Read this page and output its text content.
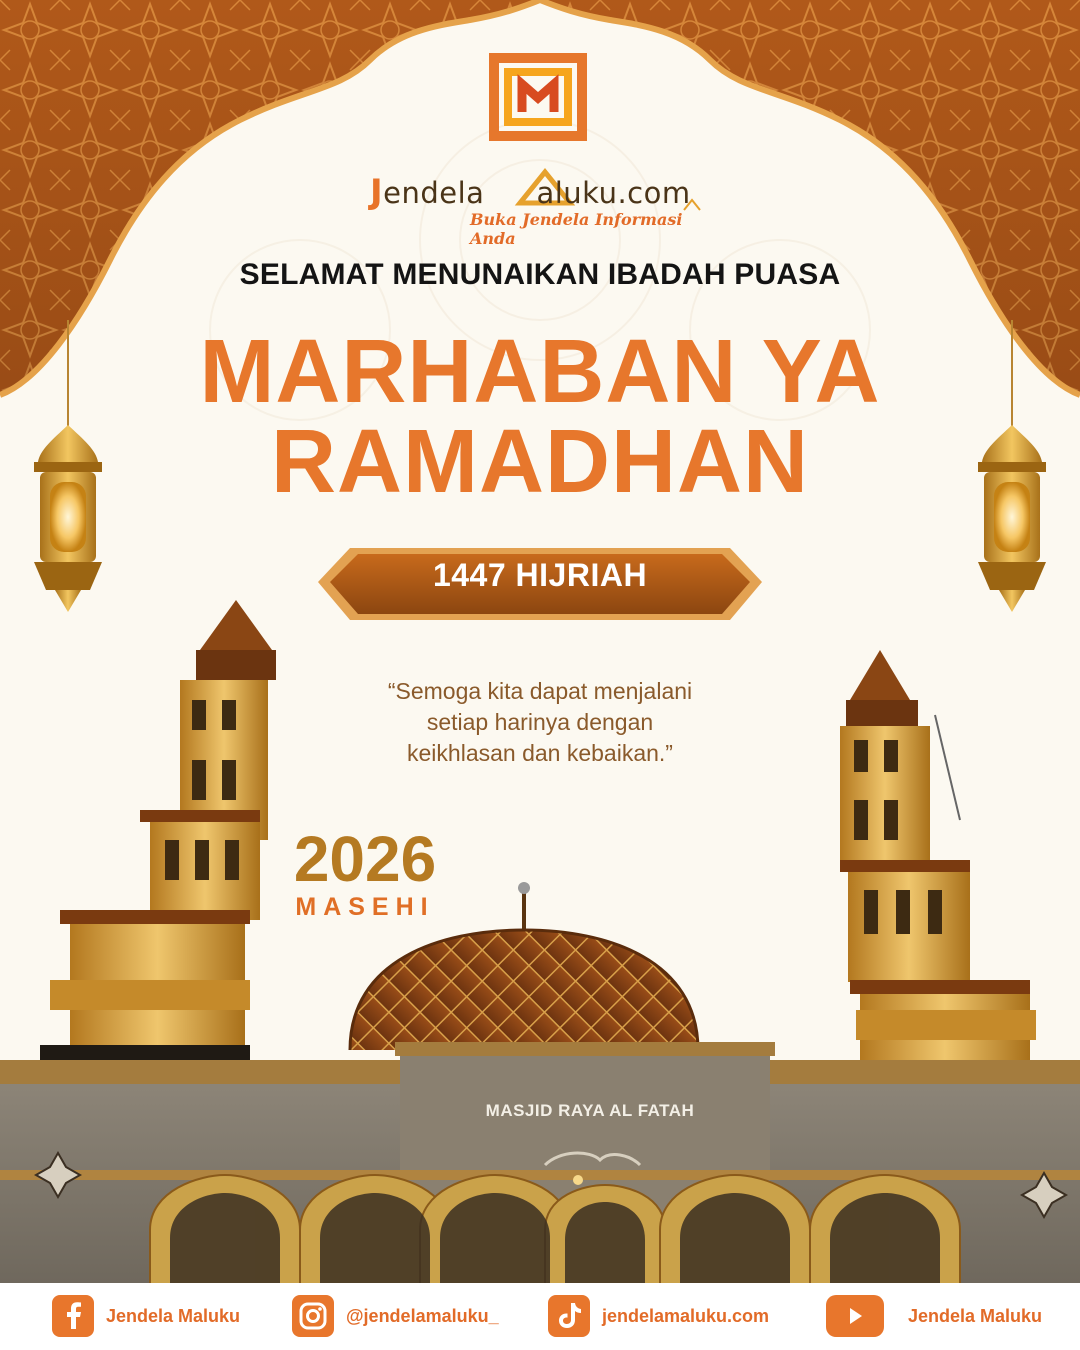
Jendela aluku.com
Buka Jendela Informasi Anda
SELAMAT MENUNAIKAN IBADAH PUASA
MARHABAN YA
RAMADHAN
1447 HIJRIAH
“Semoga kita dapat menjalani setiap harinya dengan keikhlasan dan kebaikan.”
2026
MASEHI
MASJID RAYA AL FATAH
Jendela Maluku	@jendelamaluku_	jendelamaluku.com	Jendela Maluku
